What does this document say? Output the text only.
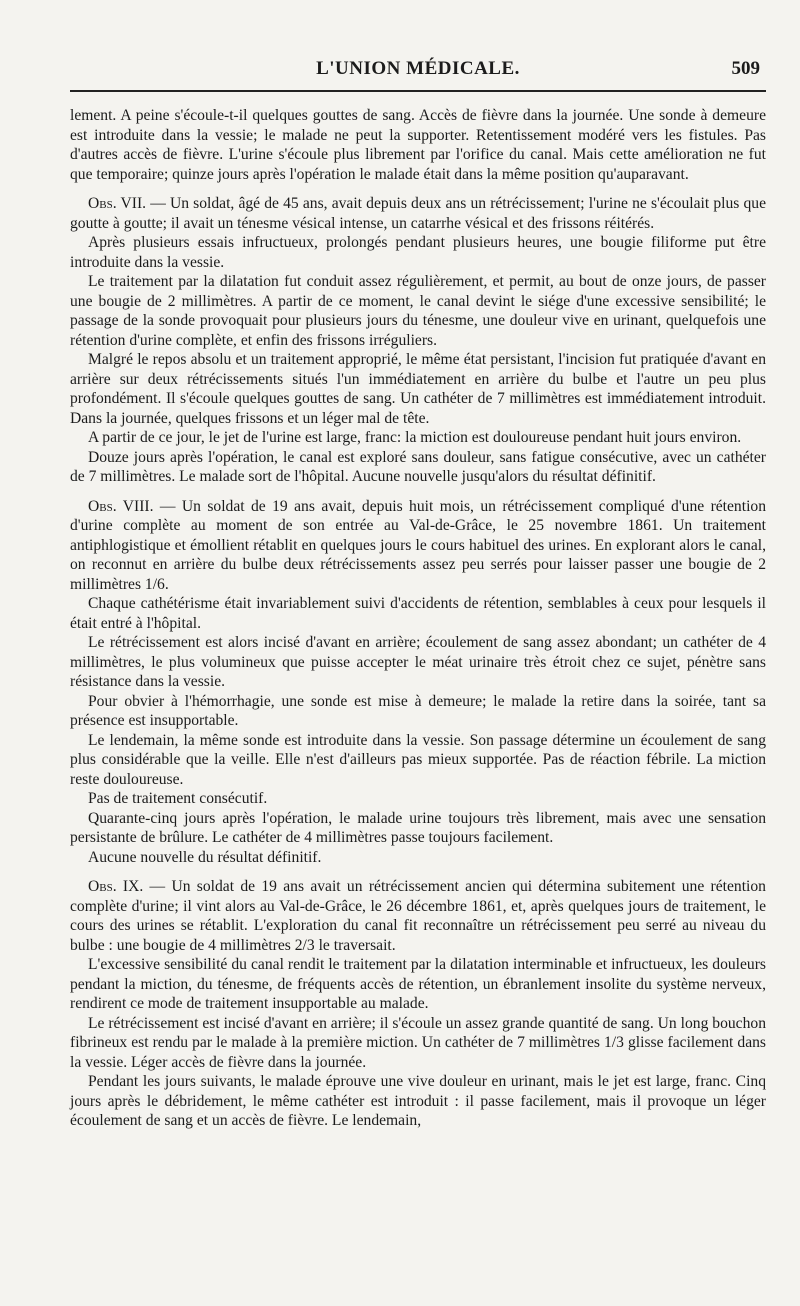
L'UNION MÉDICALE.	509

lement. A peine s'écoule-t-il quelques gouttes de sang. Accès de fièvre dans la journée. Une sonde à demeure est introduite dans la vessie; le malade ne peut la supporter. Retentissement modéré vers les fistules. Pas d'autres accès de fièvre. L'urine s'écoule plus librement par l'orifice du canal. Mais cette amélioration ne fut que temporaire; quinze jours après l'opération le malade était dans la même position qu'auparavant.

Obs. VII. — Un soldat, âgé de 45 ans, avait depuis deux ans un rétrécissement; l'urine ne s'écoulait plus que goutte à goutte; il avait un ténesme vésical intense, un catarrhe vésical et des frissons réitérés.

Après plusieurs essais infructueux, prolongés pendant plusieurs heures, une bougie filiforme put être introduite dans la vessie.

Le traitement par la dilatation fut conduit assez régulièrement, et permit, au bout de onze jours, de passer une bougie de 2 millimètres. A partir de ce moment, le canal devint le siége d'une excessive sensibilité; le passage de la sonde provoquait pour plusieurs jours du ténesme, une douleur vive en urinant, quelquefois une rétention d'urine complète, et enfin des frissons irréguliers.

Malgré le repos absolu et un traitement approprié, le même état persistant, l'incision fut pratiquée d'avant en arrière sur deux rétrécissements situés l'un immédiatement en arrière du bulbe et l'autre un peu plus profondément. Il s'écoule quelques gouttes de sang. Un cathéter de 7 millimètres est immédiatement introduit. Dans la journée, quelques frissons et un léger mal de tête.

A partir de ce jour, le jet de l'urine est large, franc: la miction est douloureuse pendant huit jours environ.

Douze jours après l'opération, le canal est exploré sans douleur, sans fatigue consécutive, avec un cathéter de 7 millimètres. Le malade sort de l'hôpital. Aucune nouvelle jusqu'alors du résultat définitif.

Obs. VIII. — Un soldat de 19 ans avait, depuis huit mois, un rétrécissement compliqué d'une rétention d'urine complète au moment de son entrée au Val-de-Grâce, le 25 novembre 1861. Un traitement antiphlogistique et émollient rétablit en quelques jours le cours habituel des urines. En explorant alors le canal, on reconnut en arrière du bulbe deux rétrécissements assez peu serrés pour laisser passer une bougie de 2 millimètres 1/6.

Chaque cathétérisme était invariablement suivi d'accidents de rétention, semblables à ceux pour lesquels il était entré à l'hôpital.

Le rétrécissement est alors incisé d'avant en arrière; écoulement de sang assez abondant; un cathéter de 4 millimètres, le plus volumineux que puisse accepter le méat urinaire très étroit chez ce sujet, pénètre sans résistance dans la vessie.

Pour obvier à l'hémorrhagie, une sonde est mise à demeure; le malade la retire dans la soirée, tant sa présence est insupportable.

Le lendemain, la même sonde est introduite dans la vessie. Son passage détermine un écoulement de sang plus considérable que la veille. Elle n'est d'ailleurs pas mieux supportée. Pas de réaction fébrile. La miction reste douloureuse.

Pas de traitement consécutif.

Quarante-cinq jours après l'opération, le malade urine toujours très librement, mais avec une sensation persistante de brûlure. Le cathéter de 4 millimètres passe toujours facilement.

Aucune nouvelle du résultat définitif.

Obs. IX. — Un soldat de 19 ans avait un rétrécissement ancien qui détermina subitement une rétention complète d'urine; il vint alors au Val-de-Grâce, le 26 décembre 1861, et, après quelques jours de traitement, le cours des urines se rétablit. L'exploration du canal fit reconnaître un rétrécissement peu serré au niveau du bulbe : une bougie de 4 millimètres 2/3 le traversait.

L'excessive sensibilité du canal rendit le traitement par la dilatation interminable et infructueux, les douleurs pendant la miction, du ténesme, de fréquents accès de rétention, un ébranlement insolite du système nerveux, rendirent ce mode de traitement insupportable au malade.

Le rétrécissement est incisé d'avant en arrière; il s'écoule un assez grande quantité de sang. Un long bouchon fibrineux est rendu par le malade à la première miction. Un cathéter de 7 millimètres 1/3 glisse facilement dans la vessie. Léger accès de fièvre dans la journée.

Pendant les jours suivants, le malade éprouve une vive douleur en urinant, mais le jet est large, franc. Cinq jours après le débridement, le même cathéter est introduit : il passe facilement, mais il provoque un léger écoulement de sang et un accès de fièvre. Le lendemain,
